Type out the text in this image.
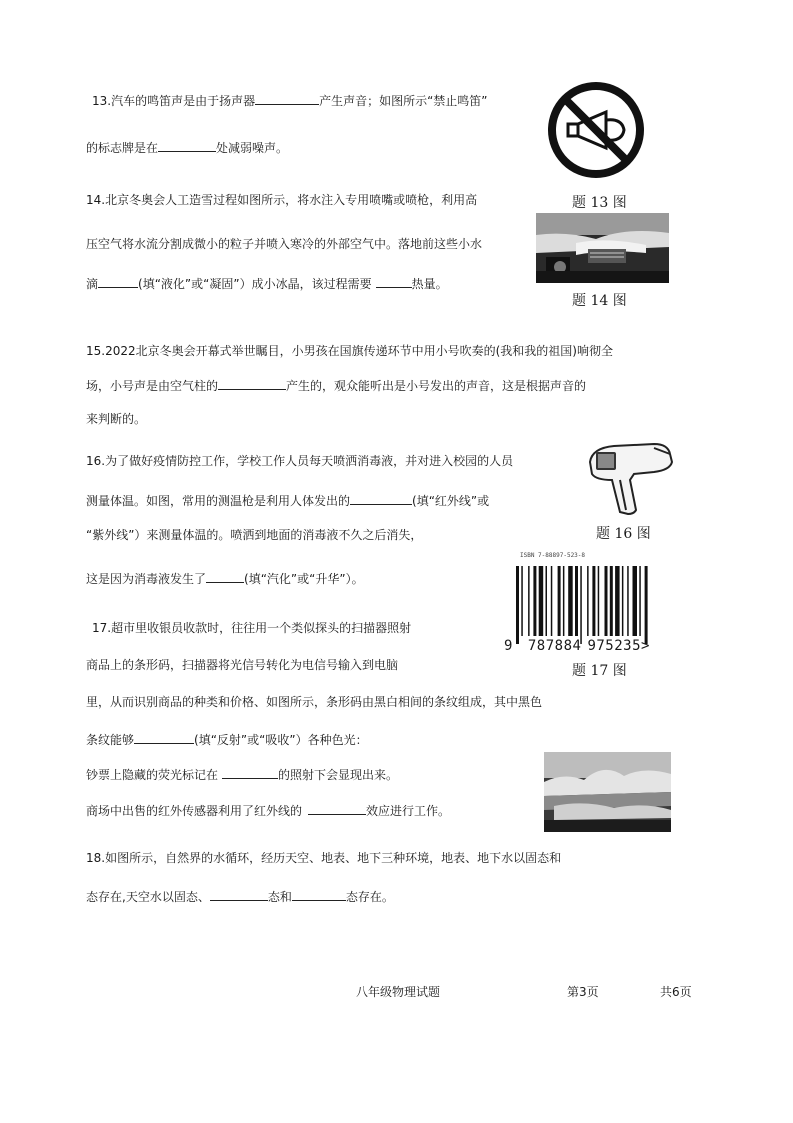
13.汽车的鸣笛声是由于扬声器	产生声音；如图所示“禁止鸣笛”
的标志牌是在	处减弱噪声。
题 13 图
14.北京冬奥会人工造雪过程如图所示，将水注入专用喷嘴或喷枪，利用高
压空气将水流分割成微小的粒子并喷入寒冷的外部空气中。落地前这些小水
滴	(填“液化”或“凝固”）成小冰晶，该过程需要	热量。
题 14 图
15.2022北京冬奥会开幕式举世瞩目，小男孩在国旗传递环节中用小号吹奏的(我和我的祖国)响彻全
场，小号声是由空气柱的	产生的，观众能听出是小号发出的声音，这是根据声音的
来判断的。
16.为了做好疫情防控工作，学校工作人员每天喷洒消毒液，并对进入校园的人员
测量体温。如图，常用的测温枪是利用人体发出的	(填“红外线”或
“紫外线”）来测量体温的。喷洒到地面的消毒液不久之后消失，
这是因为消毒液发生了	(填“汽化”或“升华”）。
题 16 图
17.超市里收银员收款时，往往用一个类似探头的扫描器照射
商品上的条形码，扫描器将光信号转化为电信号输入到电脑
里，从而识别商品的种类和价格、如图所示，条形码由黑白相间的条纹组成，其中黑色
条纹能够	(填“反射”或“吸收”）各种色光：
钞票上隐藏的荧光标记在	的照射下会显现出来。
商场中出售的红外传感器利用了红外线的	效应进行工作。
ISBN 7-88897-523-8
9 787884 975235>
题 17 图
18.如图所示，自然界的水循环，经历天空、地表、地下三种环境，地表、地下水以固态和
态存在,天空水以固态、	态和	态存在。
八年级物理试题	第3页	共6页
